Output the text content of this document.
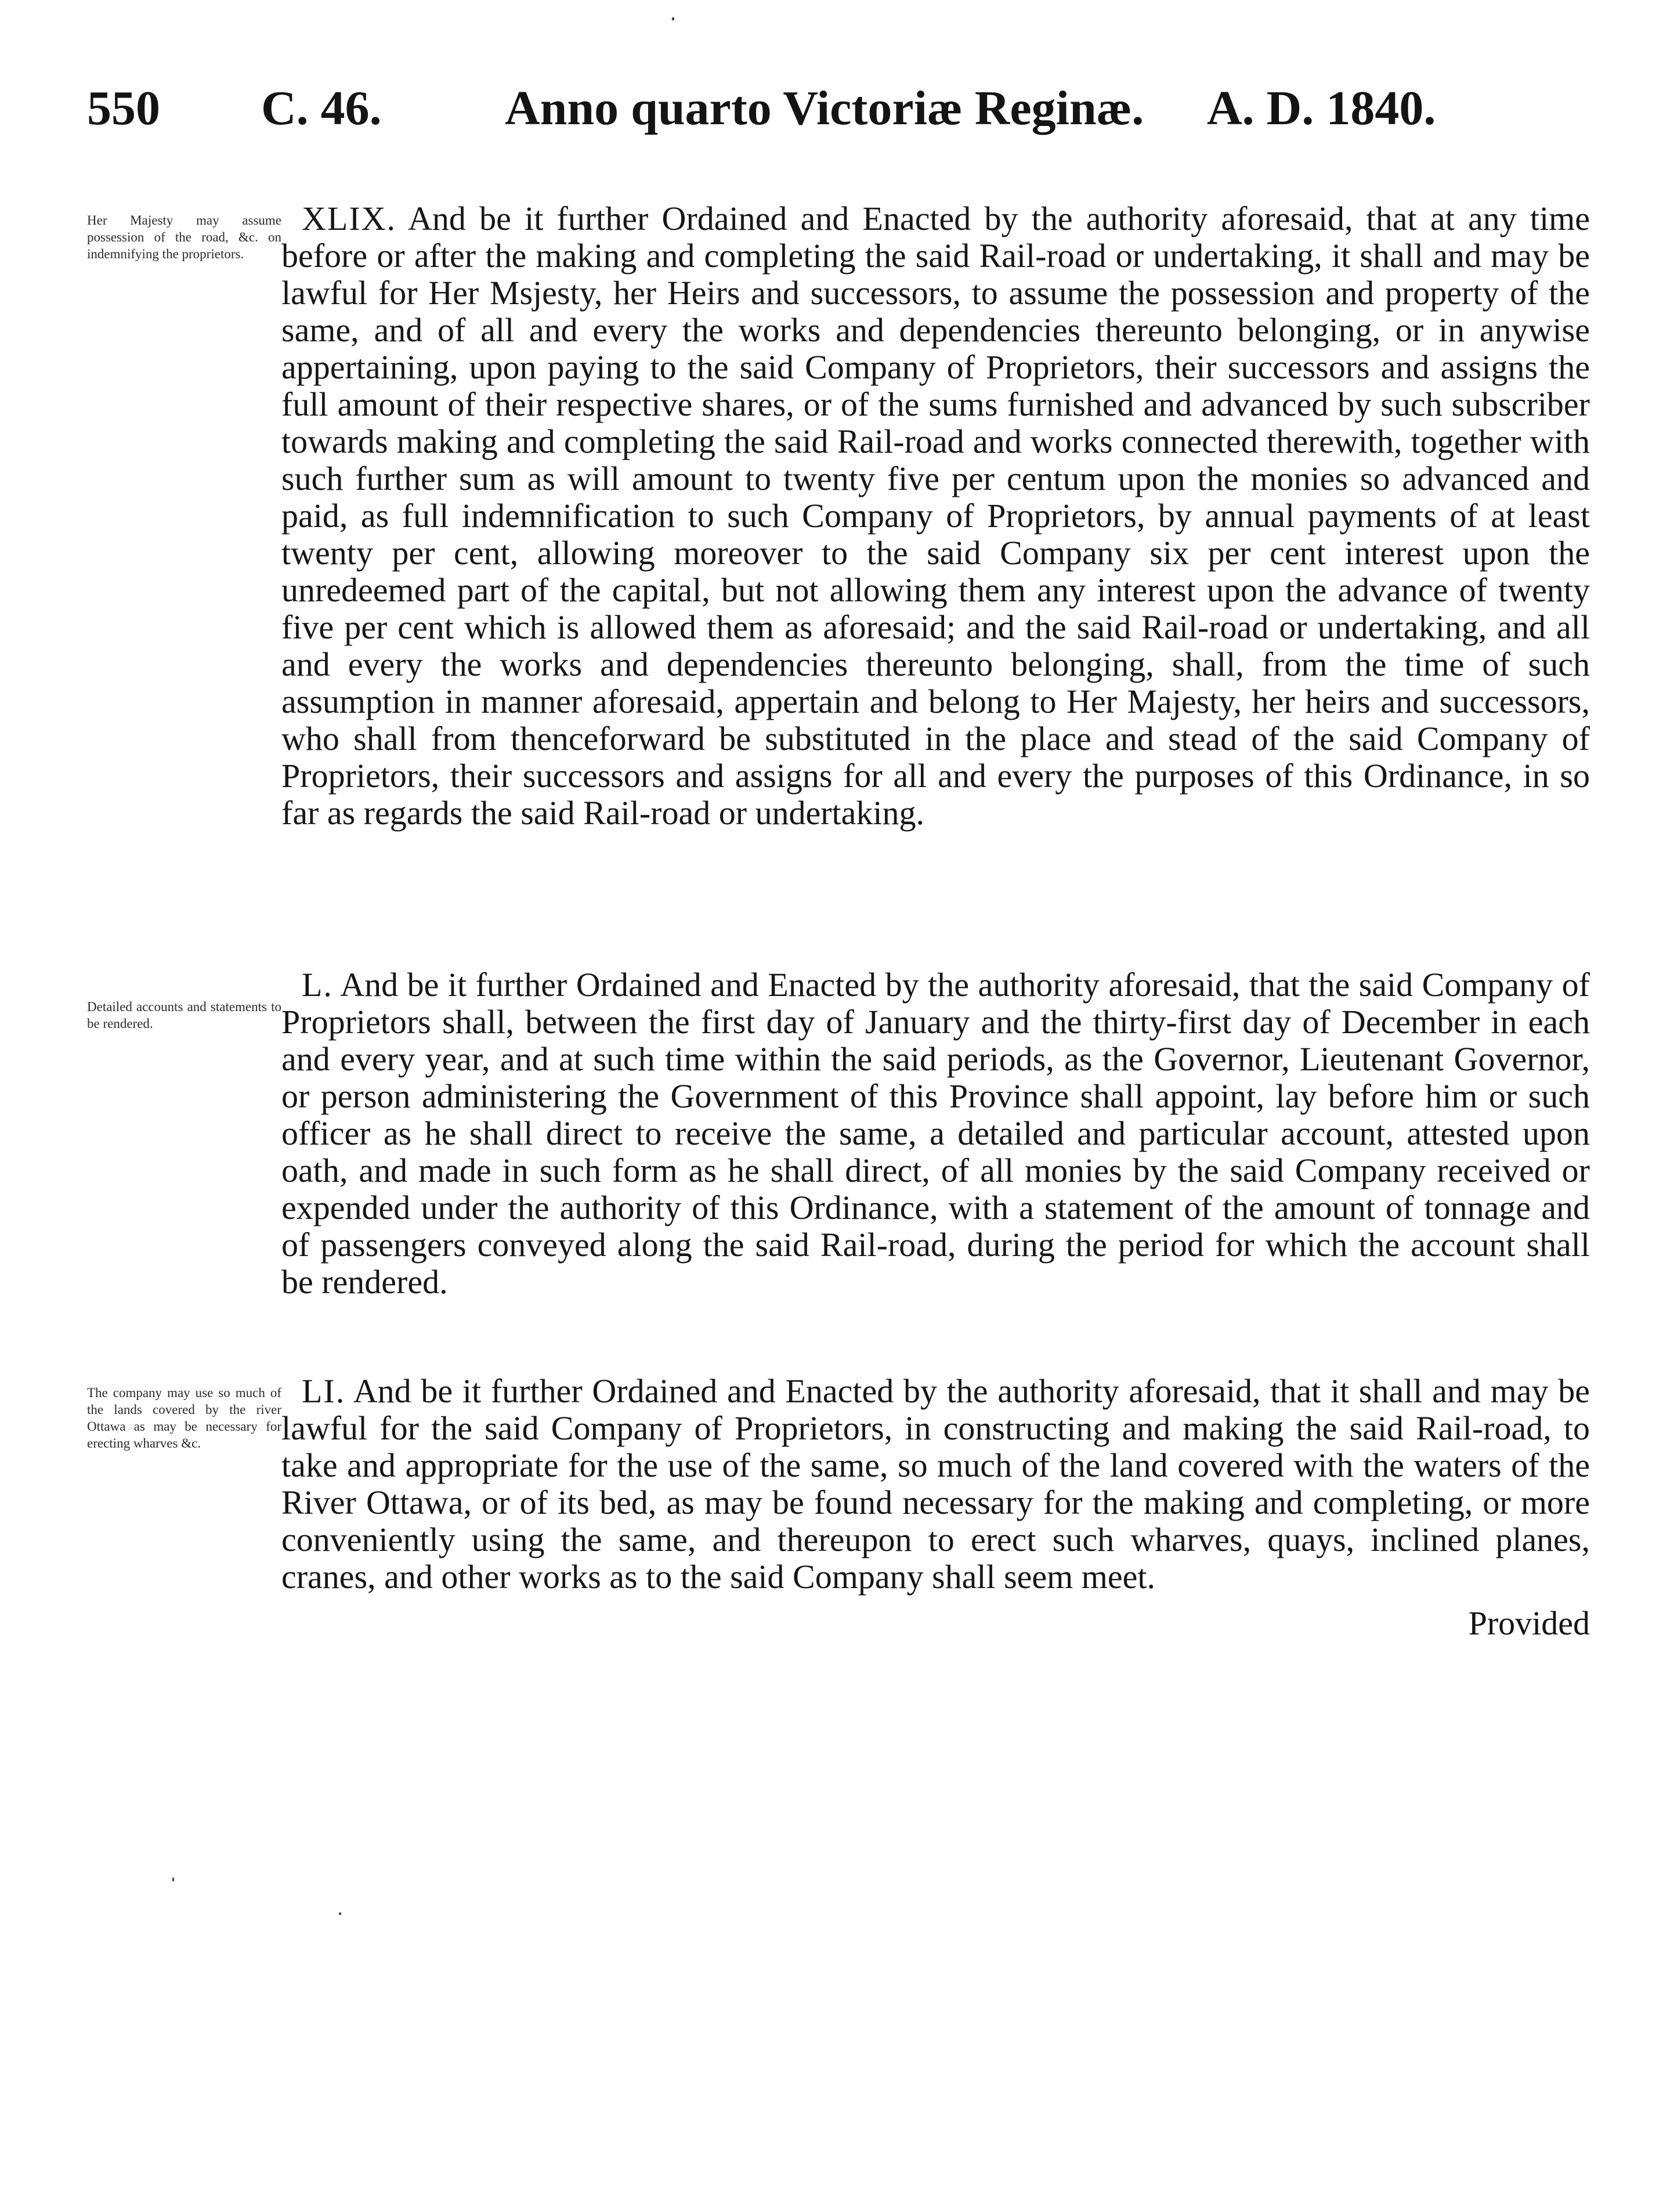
550 C. 46.	Anno quarto Victoriæ Reginæ. A. D. 1840.
Her Majesty may assume possession of the road, &c. on indemnifying the proprietors.
XLIX. And be it further Ordained and Enacted by the authority aforesaid, that at any time before or after the making and completing the said Rail-road or undertaking, it shall and may be lawful for Her Msjesty, her Heirs and successors, to assume the possession and property of the same, and of all and every the works and dependencies thereunto belonging, or in anywise appertaining, upon paying to the said Company of Proprietors, their successors and assigns the full amount of their respective shares, or of the sums furnished and advanced by such subscriber towards making and completing the said Rail-road and works connected therewith, together with such further sum as will amount to twenty five per centum upon the monies so advanced and paid, as full indemnification to such Company of Proprietors, by annual payments of at least twenty per cent, allowing moreover to the said Company six per cent interest upon the unredeemed part of the capital, but not allowing them any interest upon the advance of twenty five per cent which is allowed them as aforesaid; and the said Rail-road or undertaking, and all and every the works and dependencies thereunto belonging, shall, from the time of such assumption in manner aforesaid, appertain and belong to Her Majesty, her heirs and successors, who shall from thenceforward be substituted in the place and stead of the said Company of Proprietors, their successors and assigns for all and every the purposes of this Ordinance, in so far as regards the said Rail-road or undertaking.
Detailed accounts and statements to be rendered.
L. And be it further Ordained and Enacted by the authority aforesaid, that the said Company of Proprietors shall, between the first day of January and the thirty-first day of December in each and every year, and at such time within the said periods, as the Governor, Lieutenant Governor, or person administering the Government of this Province shall appoint, lay before him or such officer as he shall direct to receive the same, a detailed and particular account, attested upon oath, and made in such form as he shall direct, of all monies by the said Company received or expended under the authority of this Ordinance, with a statement of the amount of tonnage and of passengers conveyed along the said Rail-road, during the period for which the account shall be rendered.
The company may use so much of the lands covered by the river Ottawa as may be necessary for erecting wharves &c.
LI. And be it further Ordained and Enacted by the authority aforesaid, that it shall and may be lawful for the said Company of Proprietors, in constructing and making the said Rail-road, to take and appropriate for the use of the same, so much of the land covered with the waters of the River Ottawa, or of its bed, as may be found necessary for the making and completing, or more conveniently using the same, and thereupon to erect such wharves, quays, inclined planes, cranes, and other works as to the said Company shall seem meet.
Provided
